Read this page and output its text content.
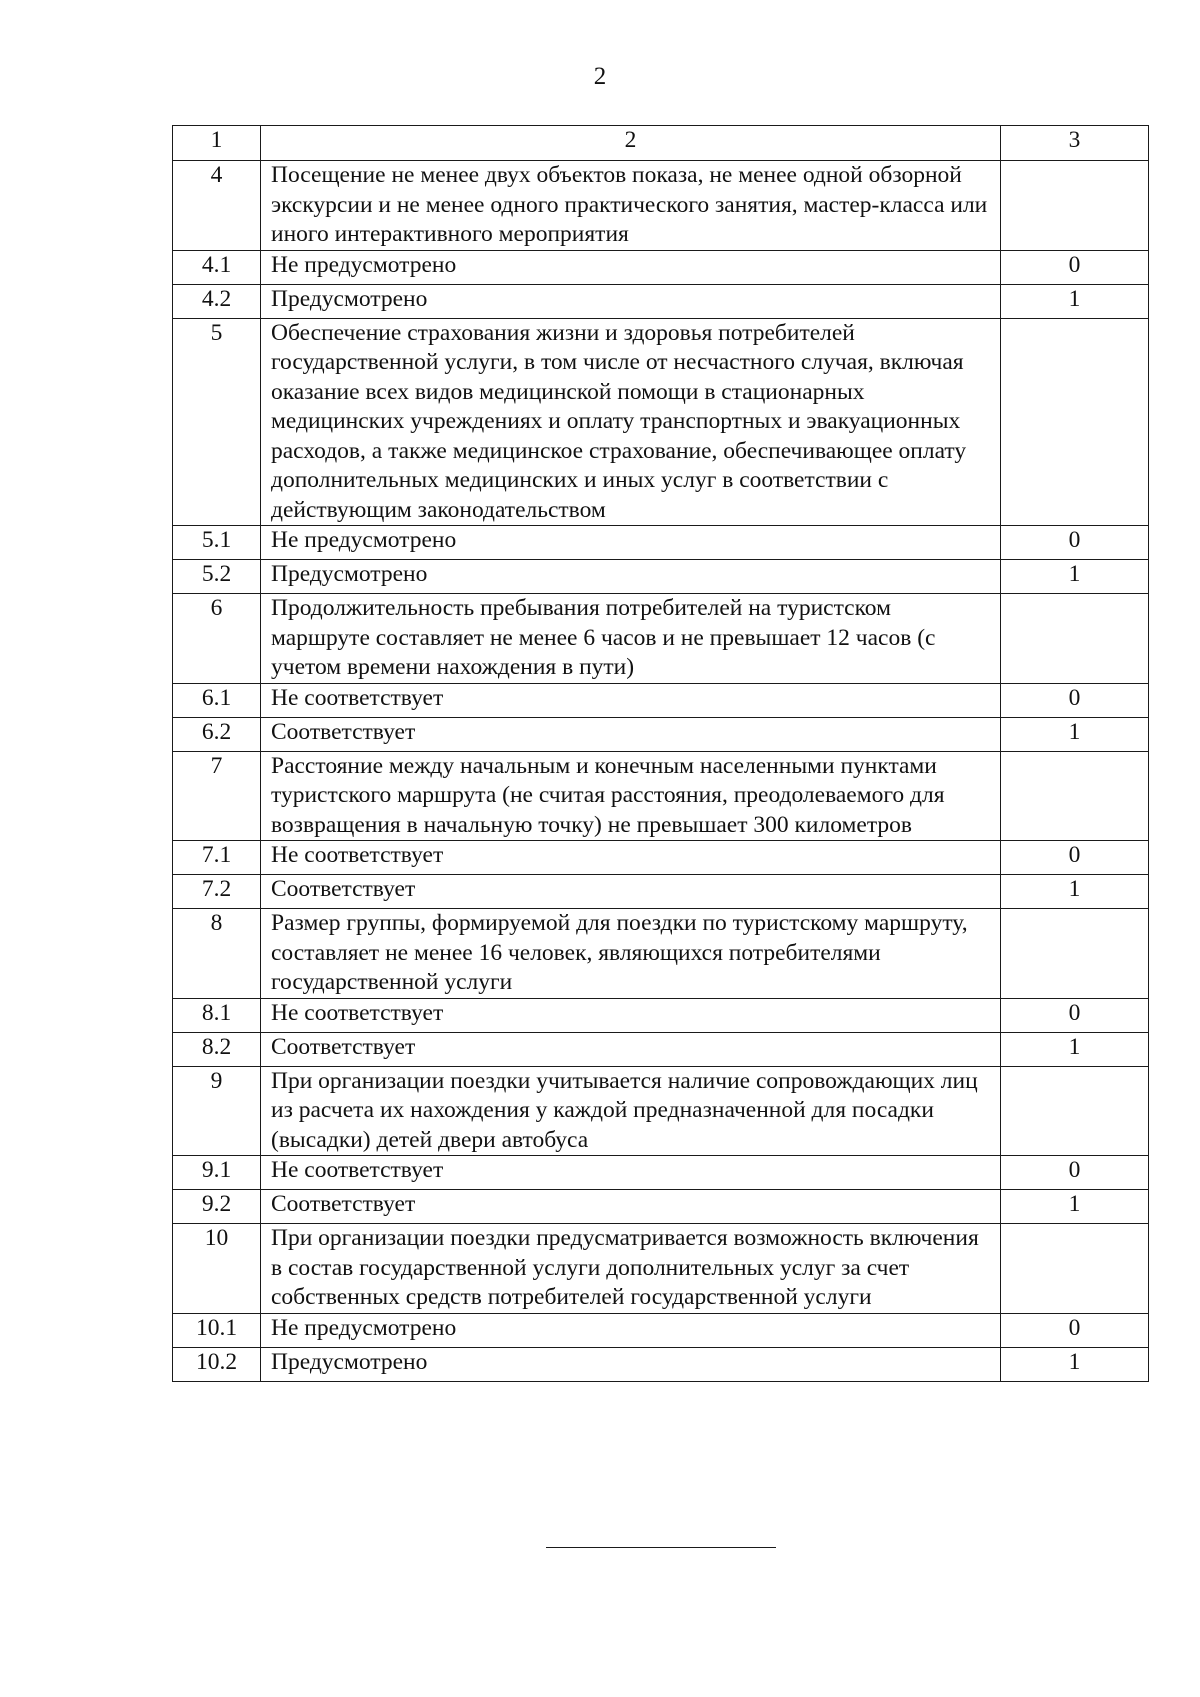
2
1	2	3
4	Посещение не менее двух объектов показа, не менее одной обзорной экскурсии и не менее одного практического занятия, мастер-класса или иного интерактивного мероприятия	
4.1	Не предусмотрено	0
4.2	Предусмотрено	1
5	Обеспечение страхования жизни и здоровья потребителей государственной услуги, в том числе от несчастного случая, включая оказание всех видов медицинской помощи в стационарных медицинских учреждениях и оплату транспортных и эвакуационных расходов, а также медицинское страхование, обеспечивающее оплату дополнительных медицинских и иных услуг в соответствии с действующим законодательством	
5.1	Не предусмотрено	0
5.2	Предусмотрено	1
6	Продолжительность пребывания потребителей на туристском маршруте составляет не менее 6 часов и не превышает 12 часов (с учетом времени нахождения в пути)	
6.1	Не соответствует	0
6.2	Соответствует	1
7	Расстояние между начальным и конечным населенными пунктами туристского маршрута (не считая расстояния, преодолеваемого для возвращения в начальную точку) не превышает 300 километров	
7.1	Не соответствует	0
7.2	Соответствует	1
8	Размер группы, формируемой для поездки по туристскому маршруту, составляет не менее 16 человек, являющихся потребителями государственной услуги	
8.1	Не соответствует	0
8.2	Соответствует	1
9	При организации поездки учитывается наличие сопровождающих лиц из расчета их нахождения у каждой предназначенной для посадки (высадки) детей двери автобуса	
9.1	Не соответствует	0
9.2	Соответствует	1
10	При организации поездки предусматривается возможность включения в состав государственной услуги дополнительных услуг за счет собственных средств потребителей государственной услуги	
10.1	Не предусмотрено	0
10.2	Предусмотрено	1
